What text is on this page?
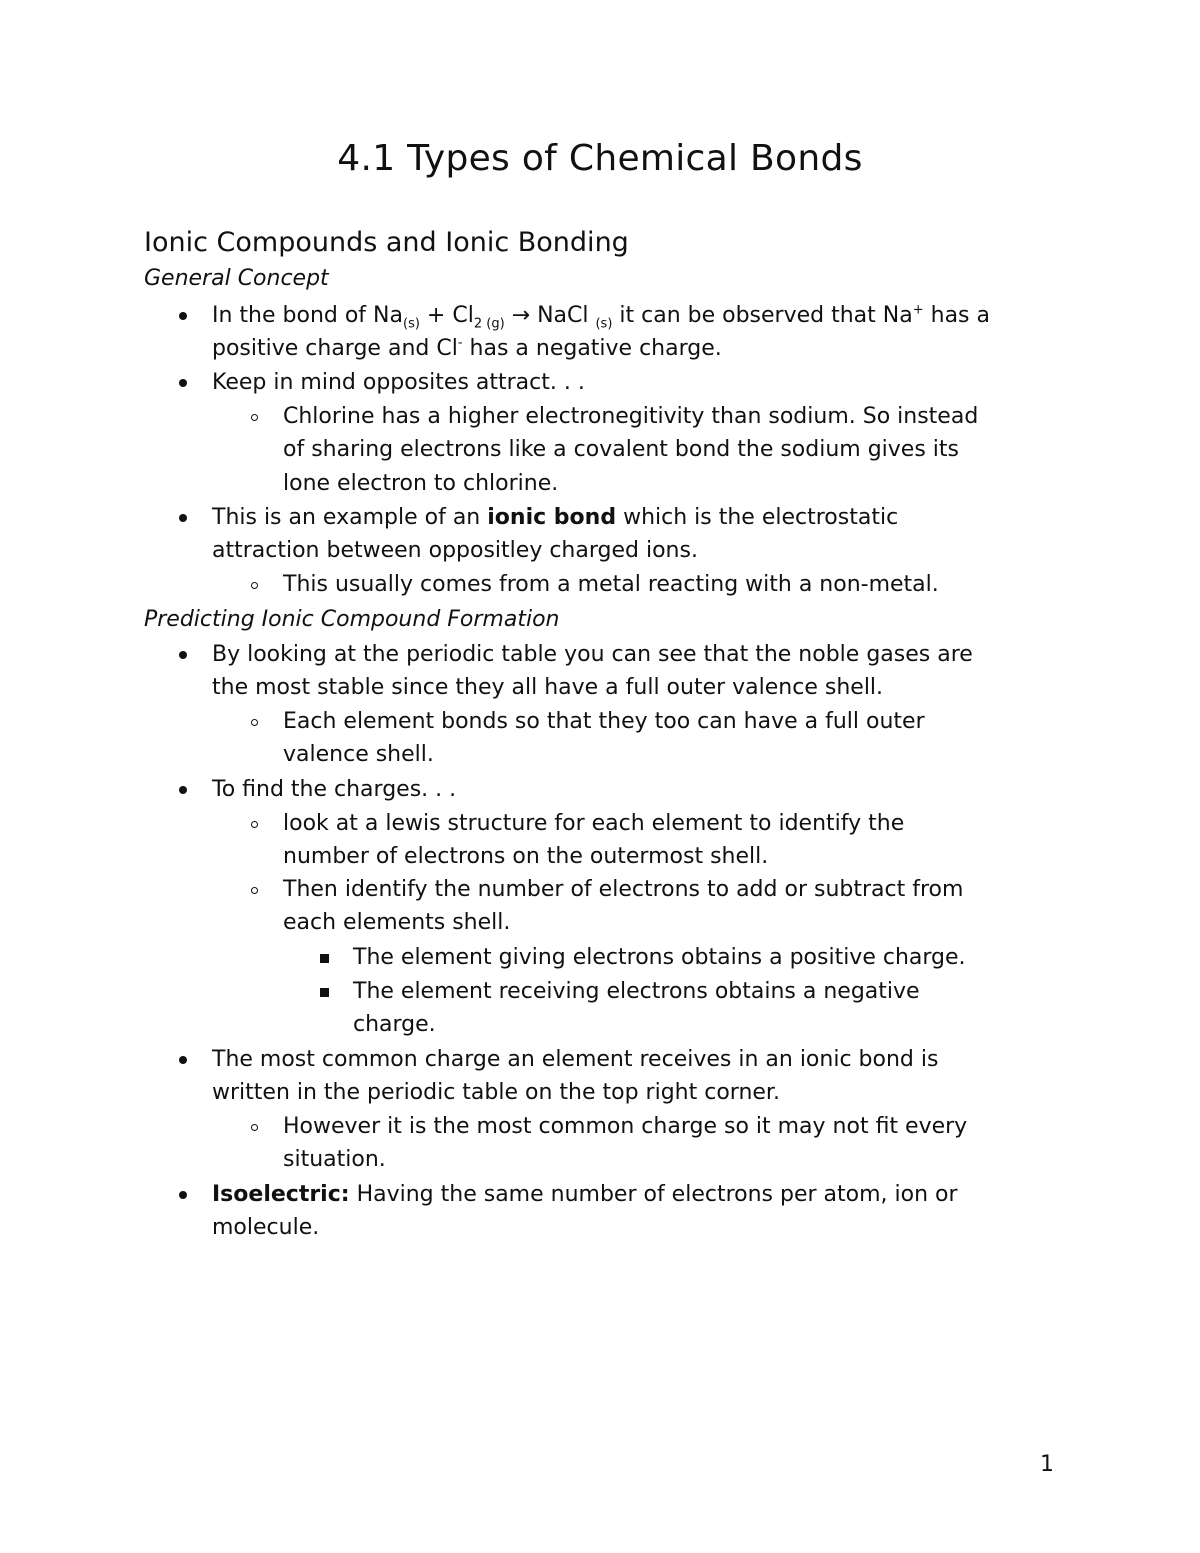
4.1 Types of Chemical Bonds
Ionic Compounds and Ionic Bonding

General Concept

In the bond of $Na_{(s)} + Cl_{2 (g)}$ → NaCl $_{(s)}$ it can be observed that Na+ has a
positive charge and Cl- has a negative charge.
Keep in mind opposites attract. . .
Chlorine has a higher electronegitivity than sodium. So instead
of sharing electrons like a covalent bond the sodium gives its
lone electron to chlorine.
This is an example of an ionic bond which is the electrostatic
attraction between oppositley charged ions.
This usually comes from a metal reacting with a non-metal.

Predicting Ionic Compound Formation

By looking at the periodic table you can see that the noble gases are
the most stable since they all have a full outer valence shell.
Each element bonds so that they too can have a full outer
valence shell.
To find the charges. . .
look at a lewis structure for each element to identify the
number of electrons on the outermost shell.
Then identify the number of electrons to add or subtract from
each elements shell.
The element giving electrons obtains a positive charge.
The element receiving electrons obtains a negative
charge.
The most common charge an element receives in an ionic bond is
written in the periodic table on the top right corner.
However it is the most common charge so it may not fit every
situation.
Isoelectric: Having the same number of electrons per atom, ion or
molecule.
1
